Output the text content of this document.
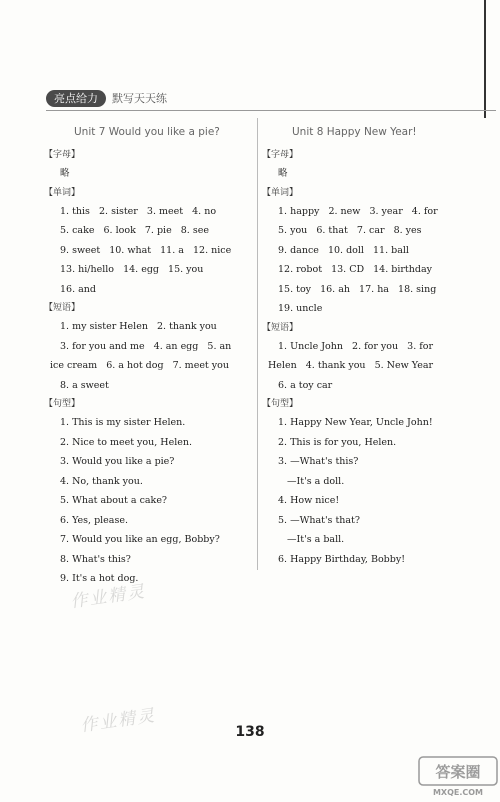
亮点给力	默写天天练
Unit 7 Would you like a pie?
【字母】
略
【单词】
1. this   2. sister   3. meet   4. no
5. cake   6. look   7. pie   8. see
9. sweet   10. what   11. a   12. nice
13. hi/hello   14. egg   15. you
16. and
【短语】
1. my sister Helen   2. thank you
3. for you and me   4. an egg   5. an
ice cream   6. a hot dog   7. meet you
8. a sweet
【句型】
1. This is my sister Helen.
2. Nice to meet you, Helen.
3. Would you like a pie?
4. No, thank you.
5. What about a cake?
6. Yes, please.
7. Would you like an egg, Bobby?
8. What's this?
9. It's a hot dog.
Unit 8 Happy New Year!
【字母】
略
【单词】
1. happy   2. new   3. year   4. for
5. you   6. that   7. car   8. yes
9. dance   10. doll   11. ball
12. robot   13. CD   14. birthday
15. toy   16. ah   17. ha   18. sing
19. uncle
【短语】
1. Uncle John   2. for you   3. for
Helen   4. thank you   5. New Year
6. a toy car
【句型】
1. Happy New Year, Uncle John!
2. This is for you, Helen.
3. —What's this?
—It's a doll.
4. How nice!
5. —What's that?
—It's a ball.
6. Happy Birthday, Bobby!
作业精灵
作业精灵	138
答案圈
MXQE.COM
